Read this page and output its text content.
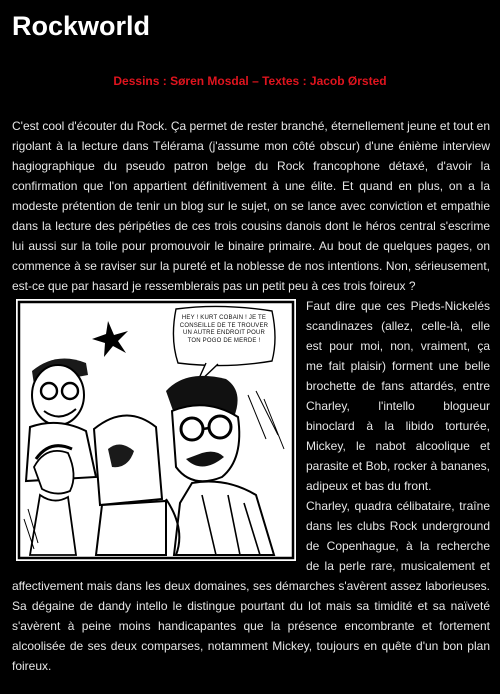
Rockworld
Dessins : Søren Mosdal – Textes : Jacob Ørsted

C'est cool d'écouter du Rock. Ça permet de rester branché, éternellement jeune et tout en rigolant à la lecture dans Télérama (j'assume mon côté obscur) d'une énième interview hagiographique du pseudo patron belge du Rock francophone détaxé, d'avoir la confirmation que l'on appartient définitivement à une élite. Et quand en plus, on a la modeste prétention de tenir un blog sur le sujet, on se lance avec conviction et empathie dans la lecture des péripéties de ces trois cousins danois dont le héros central s'escrime lui aussi sur la toile pour promouvoir le binaire primaire. Au bout de quelques pages, on commence à se raviser sur la pureté et la noblesse de nos intentions. Non, sérieusement, est-ce que par hasard je ressemblerais pas un petit peu à ces trois foireux ?

HEY ! KURT COBAIN ! JE TE CONSEILLE DE TE TROUVER UN AUTRE ENDROIT POUR TON POGO DE MERDE !

Faut dire que ces Pieds-Nickelés scandinazes (allez, celle-là, elle est pour moi, non, vraiment, ça me fait plaisir) forment une belle brochette de fans attardés, entre Charley, l'intello blogueur binoclard à la libido torturée, Mickey, le nabot alcoolique et parasite et Bob, rocker à bananes, adipeux et bas du front.

Charley, quadra célibataire, traîne dans les clubs Rock underground de Copenhague, à la recherche de la perle rare, musicalement et affectivement mais dans les deux domaines, ses démarches s'avèrent assez laborieuses. Sa dégaine de dandy intello le distingue pourtant du lot mais sa timidité et sa naïveté s'avèrent à peine moins handicapantes que la présence encombrante et fortement alcoolisée de ses deux comparses, notamment Mickey, toujours en quête d'un bon plan foireux.
